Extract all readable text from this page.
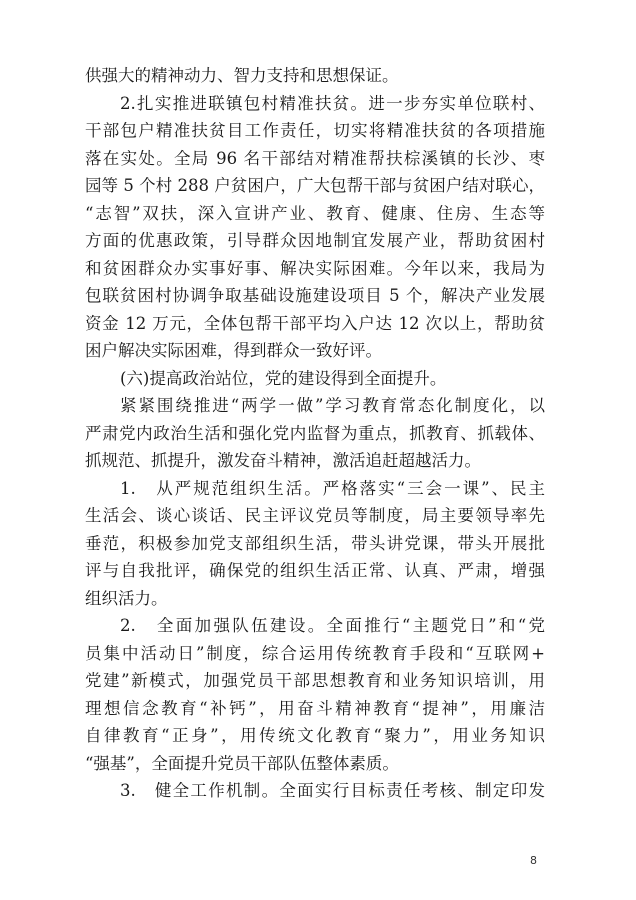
供强大的精神动力、智力支持和思想保证。
2.扎实推进联镇包村精准扶贫。进一步夯实单位联村、
干部包户精准扶贫目工作责任，切实将精准扶贫的各项措施
落在实处。全局 96 名干部结对精准帮扶棕溪镇的长沙、枣
园等 5 个村 288 户贫困户，广大包帮干部与贫困户结对联心，
“志智”双扶，深入宣讲产业、教育、健康、住房、生态等
方面的优惠政策，引导群众因地制宜发展产业，帮助贫困村
和贫困群众办实事好事、解决实际困难。今年以来，我局为
包联贫困村协调争取基础设施建设项目 5 个，解决产业发展
资金 12 万元，全体包帮干部平均入户达 12 次以上，帮助贫
困户解决实际困难，得到群众一致好评。
(六)提高政治站位，党的建设得到全面提升。
紧紧围绕推进“两学一做”学习教育常态化制度化，以
严肃党内政治生活和强化党内监督为重点，抓教育、抓载体、
抓规范、抓提升，激发奋斗精神，激活追赶超越活力。
1.　从严规范组织生活。严格落实“三会一课”、民主
生活会、谈心谈话、民主评议党员等制度，局主要领导率先
垂范，积极参加党支部组织生活，带头讲党课，带头开展批
评与自我批评，确保党的组织生活正常、认真、严肃，增强
组织活力。
2.　全面加强队伍建设。全面推行“主题党日”和“党
员集中活动日”制度，综合运用传统教育手段和“互联网+
党建”新模式，加强党员干部思想教育和业务知识培训，用
理想信念教育“补钙”，用奋斗精神教育“提神”，用廉洁
自律教育“正身”，用传统文化教育“聚力”，用业务知识
8
“强基”，全面提升党员干部队伍整体素质。
3.　健全工作机制。全面实行目标责任考核、制定印发
